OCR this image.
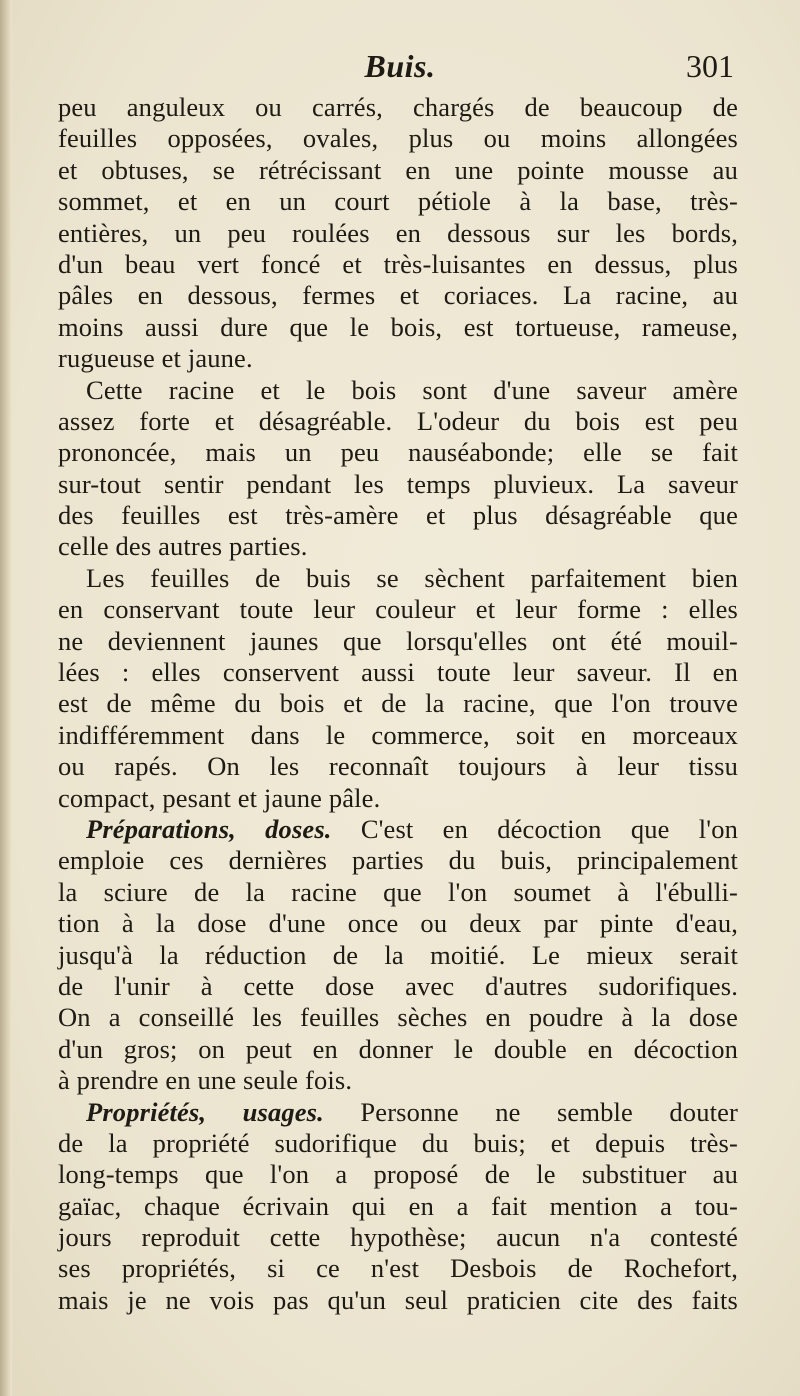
Buis.	301
peu anguleux ou carrés, chargés de beaucoup de
feuilles opposées, ovales, plus ou moins allongées
et obtuses, se rétrécissant en une pointe mousse au
sommet, et en un court pétiole à la base, très-
entières, un peu roulées en dessous sur les bords,
d'un beau vert foncé et très-luisantes en dessus, plus
pâles en dessous, fermes et coriaces. La racine, au
moins aussi dure que le bois, est tortueuse, rameuse,
rugueuse et jaune.
Cette racine et le bois sont d'une saveur amère
assez forte et désagréable. L'odeur du bois est peu
prononcée, mais un peu nauséabonde; elle se fait
sur-tout sentir pendant les temps pluvieux. La saveur
des feuilles est très-amère et plus désagréable que
celle des autres parties.
Les feuilles de buis se sèchent parfaitement bien
en conservant toute leur couleur et leur forme : elles
ne deviennent jaunes que lorsqu'elles ont été mouil-
lées : elles conservent aussi toute leur saveur. Il en
est de même du bois et de la racine, que l'on trouve
indifféremment dans le commerce, soit en morceaux
ou rapés. On les reconnaît toujours à leur tissu
compact, pesant et jaune pâle.
Préparations, doses. C'est en décoction que l'on
emploie ces dernières parties du buis, principalement
la sciure de la racine que l'on soumet à l'ébulli-
tion à la dose d'une once ou deux par pinte d'eau,
jusqu'à la réduction de la moitié. Le mieux serait
de l'unir à cette dose avec d'autres sudorifiques.
On a conseillé les feuilles sèches en poudre à la dose
d'un gros; on peut en donner le double en décoction
à prendre en une seule fois.
Propriétés, usages. Personne ne semble douter
de la propriété sudorifique du buis; et depuis très-
long-temps que l'on a proposé de le substituer au
gaïac, chaque écrivain qui en a fait mention a tou-
jours reproduit cette hypothèse; aucun n'a contesté
ses propriétés, si ce n'est Desbois de Rochefort,
mais je ne vois pas qu'un seul praticien cite des faits
